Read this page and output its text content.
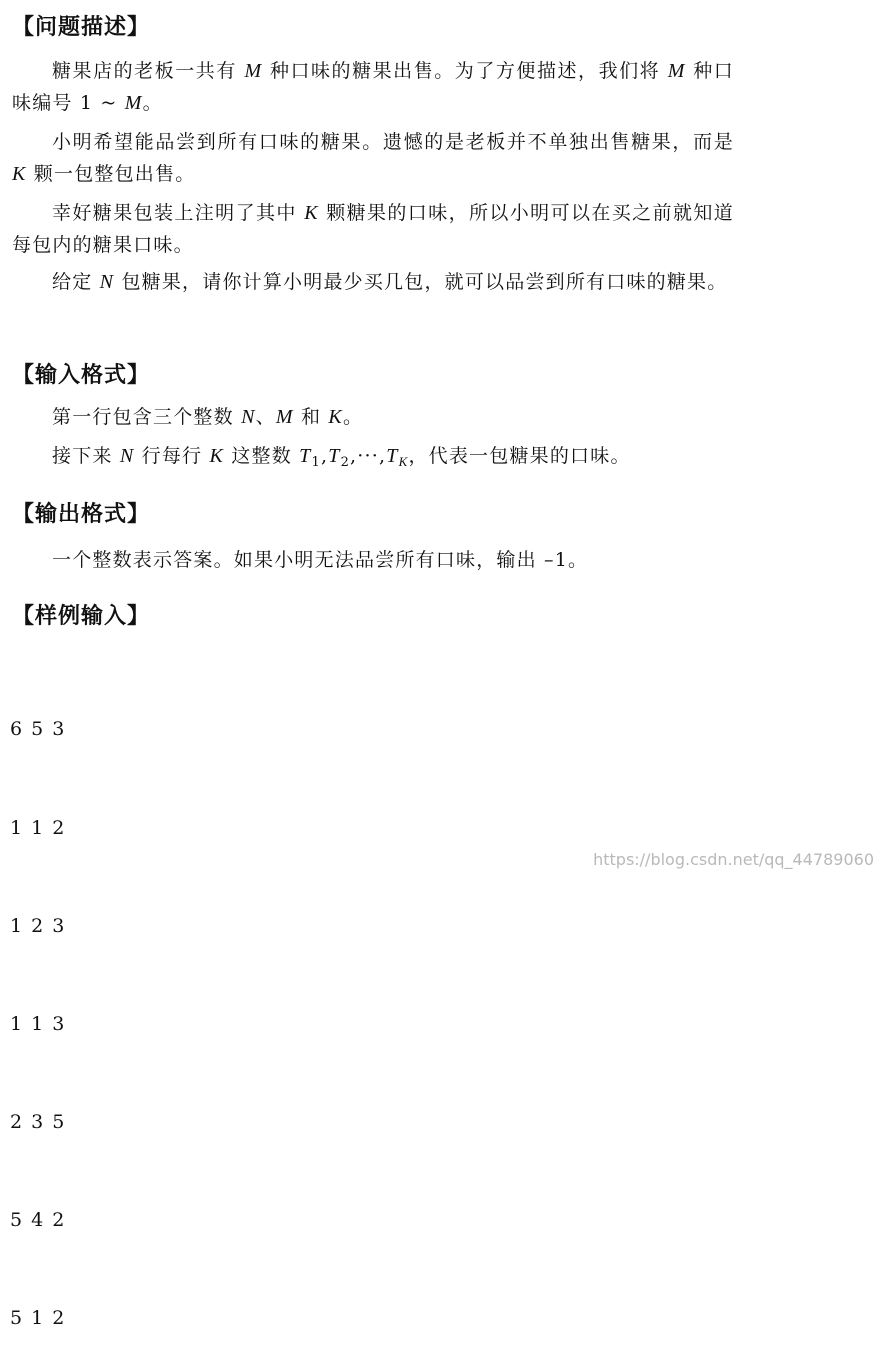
【问题描述】
糖果店的老板一共有 M 种口味的糖果出售。为了方便描述，我们将 M 种口味编号 1 ~ M。
小明希望能品尝到所有口味的糖果。遗憾的是老板并不单独出售糖果，而是 K 颗一包整包出售。
幸好糖果包装上注明了其中 K 颗糖果的口味，所以小明可以在买之前就知道每包内的糖果口味。
给定 N 包糖果，请你计算小明最少买几包，就可以品尝到所有口味的糖果。
【输入格式】
第一行包含三个整数 N、M 和 K。
接下来 N 行每行 K 这整数 $T_1,T_2,\cdot\cdot\cdot,T_K$，代表一包糖果的口味。
【输出格式】
一个整数表示答案。如果小明无法品尝所有口味，输出 –1。
【样例输入】

6 5 3

1 1 2

1 2 3

1 1 3

2 3 5

5 4 2

5 1 2

https://blog.csdn.net/qq_44789060
